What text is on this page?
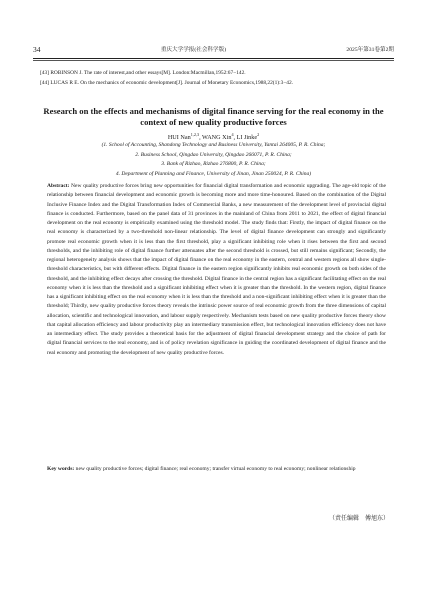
34	重庆大学学报(社会科学版)	2025年第31卷第2期

[43] ROBINSON J. The rate of interest,and other essays[M]. London:Macmillan,1952:67−142.

[44] LUCAS R E. On the mechanics of economic development[J]. Journal of Monetary Economics,1988,22(1):3−42.

Research on the effects and mechanisms of digital finance serving for the real economy in the context of new quality productive forces

HUI Nan$^{1,2,3}$, WANG Xin$^4$, LI Jinke$^2$

(1. School of Accounting, Shandong Technology and Business University, Yantai 264005, P. R. China;

2. Business School, Qingdao University, Qingdao 266071, P. R. China;

3. Bank of Rizhao, Rizhao 276800, P. R. China;

4. Department of Planning and Finance, University of Jinan, Jinan 250024, P. R. China)

Abstract: New quality productive forces bring new opportunities for financial digital transformation and economic upgrading. The age-old topic of the relationship between financial development and economic growth is becoming more and more time-honoured. Based on the combination of the Digital Inclusive Finance Index and the Digital Transformation Index of Commercial Banks, a new measurement of the development level of provincial digital finance is conducted. Furthermore, based on the panel data of 31 provinces in the mainland of China from 2011 to 2021, the effect of digital financial development on the real economy is empirically examined using the threshold model. The study finds that: Firstly, the impact of digital finance on the real economy is characterized by a two-threshold non-linear relationship. The level of digital finance development can strongly and significantly promote real economic growth when it is less than the first threshold, play a significant inhibiting role when it rises between the first and second thresholds, and the inhibiting role of digital finance further attenuates after the second threshold is crossed, but still remains significant; Secondly, the regional heterogeneity analysis shows that the impact of digital finance on the real economy in the eastern, central and western regions all show single-threshold characteristics, but with different effects. Digital finance in the eastern region significantly inhibits real economic growth on both sides of the threshold, and the inhibiting effect decays after crossing the threshold. Digital finance in the central region has a significant facilitating effect on the real economy when it is less than the threshold and a significant inhibiting effect when it is greater than the threshold. In the western region, digital finance has a significant inhibiting effect on the real economy when it is less than the threshold and a non-significant inhibiting effect when it is greater than the threshold; Thirdly, new quality productive forces theory reveals the intrinsic power source of real economic growth from the three dimensions of capital allocation, scientific and technological innovation, and labour supply respectively. Mechanism tests based on new quality productive forces theory show that capital allocation efficiency and labour productivity play an intermediary transmission effect, but technological innovation efficiency does not have an intermediary effect. The study provides a theoretical basis for the adjustment of digital financial development strategy and the choice of path for digital financial services to the real economy, and is of policy revelation significance in guiding the coordinated development of digital finance and the real economy and promoting the development of new quality productive forces.

Key words: new quality productive forces; digital finance; real economy; transfer virtual economy to real economy; nonlinear relationship

（责任编辑　傅旭东）
